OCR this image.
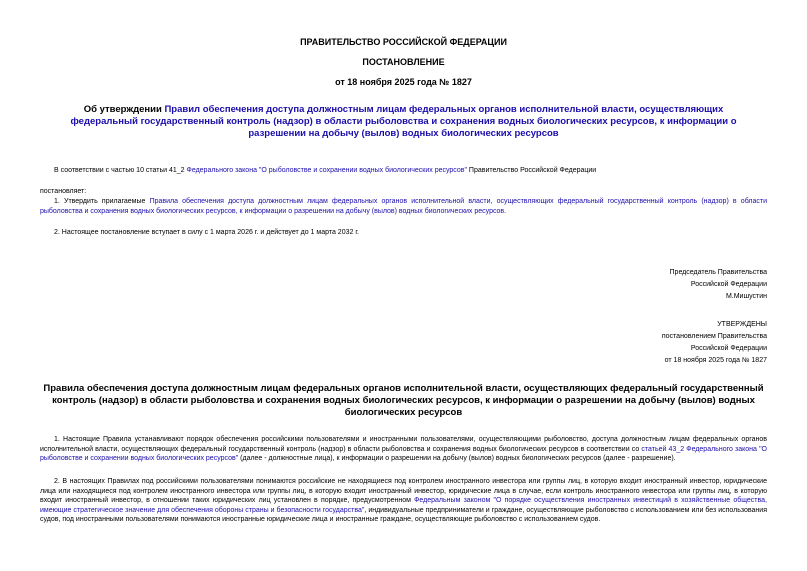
ПРАВИТЕЛЬСТВО РОССИЙСКОЙ ФЕДЕРАЦИИ
ПОСТАНОВЛЕНИЕ
от 18 ноября 2025 года № 1827
Об утверждении Правил обеспечения доступа должностным лицам федеральных органов исполнительной власти, осуществляющих федеральный государственный контроль (надзор) в области рыболовства и сохранения водных биологических ресурсов, к информации о разрешении на добычу (вылов) водных биологических ресурсов
В соответствии с частью 10 статьи 41_2 Федерального закона "О рыболовстве и сохранении водных биологических ресурсов" Правительство Российской Федерации
постановляет:
1. Утвердить прилагаемые Правила обеспечения доступа должностным лицам федеральных органов исполнительной власти, осуществляющих федеральный государственный контроль (надзор) в области рыболовства и сохранения водных биологических ресурсов, к информации о разрешении на добычу (вылов) водных биологических ресурсов.
2. Настоящее постановление вступает в силу с 1 марта 2026 г. и действует до 1 марта 2032 г.
Председатель Правительства
Российской Федерации
М.Мишустин
УТВЕРЖДЕНЫ
постановлением Правительства
Российской Федерации
от 18 ноября 2025 года № 1827
Правила обеспечения доступа должностным лицам федеральных органов исполнительной власти, осуществляющих федеральный государственный контроль (надзор) в области рыболовства и сохранения водных биологических ресурсов, к информации о разрешении на добычу (вылов) водных биологических ресурсов
1. Настоящие Правила устанавливают порядок обеспечения российскими пользователями и иностранными пользователями, осуществляющими рыболовство, доступа должностным лицам федеральных органов исполнительной власти, осуществляющих федеральный государственный контроль (надзор) в области рыболовства и сохранения водных биологических ресурсов в соответствии со статьей 43_2 Федерального закона "О рыболовстве и сохранении водных биологических ресурсов" (далее - должностные лица), к информации о разрешении на добычу (вылов) водных биологических ресурсов (далее - разрешение).
2. В настоящих Правилах под российскими пользователями понимаются российские не находящиеся под контролем иностранного инвестора или группы лиц, в которую входит иностранный инвестор, юридические лица или находящиеся под контролем иностранного инвестора или группы лиц, в которую входит иностранный инвестор, юридические лица в случае, если контроль иностранного инвестора или группы лиц, в которую входит иностранный инвестор, в отношении таких юридических лиц установлен в порядке, предусмотренном Федеральным законом "О порядке осуществления иностранных инвестиций в хозяйственные общества, имеющие стратегическое значение для обеспечения обороны страны и безопасности государства", индивидуальные предприниматели и граждане, осуществляющие рыболовство с использованием или без использования судов, под иностранными пользователями понимаются иностранные юридические лица и иностранные граждане, осуществляющие рыболовство с использованием судов.
